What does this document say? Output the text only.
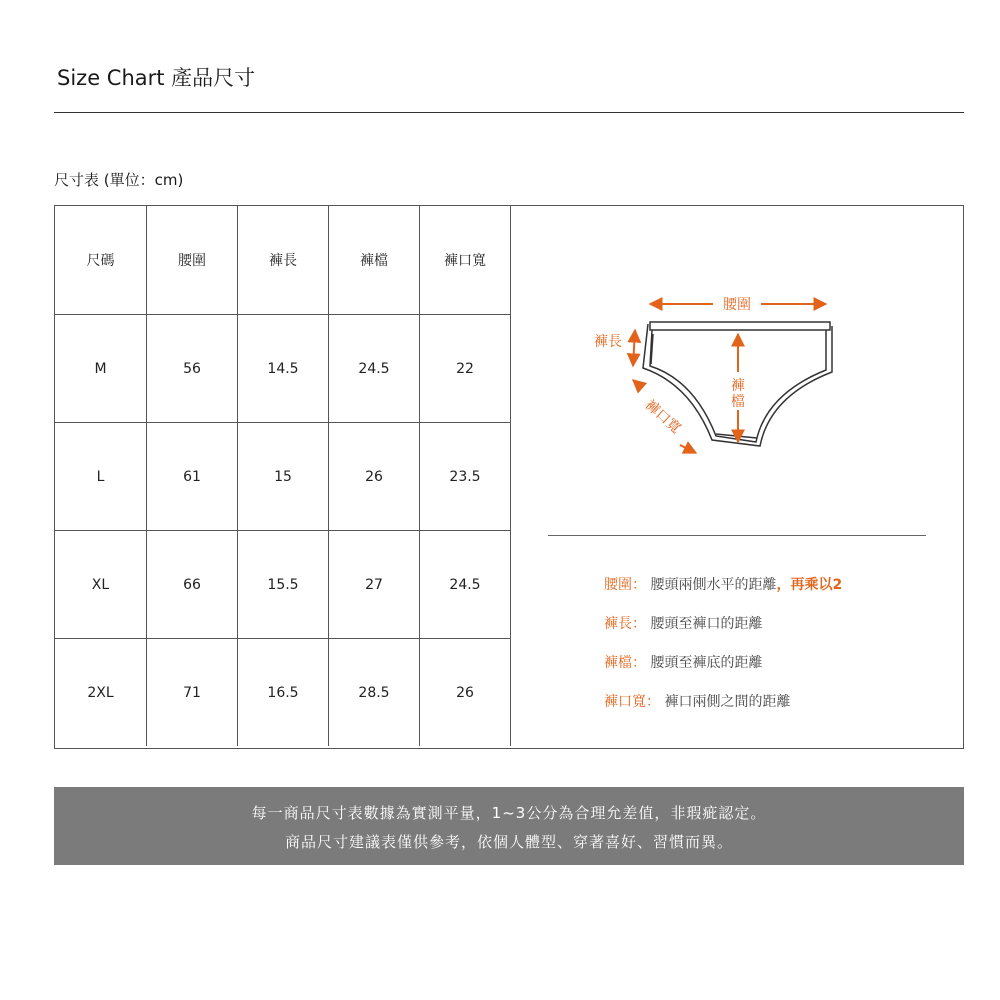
Size Chart 產品尺寸
尺寸表 (單位：cm)
尺碼	腰圍	褲長	褲檔	褲口寬
M	56	14.5	24.5	22
L	61	15	26	23.5
XL	66	15.5	27	24.5
2XL	71	16.5	28.5	26
腰圍
褲長
褲
檔
褲口寬
腰圍： 腰頭兩側水平的距離，再乘以2
褲長： 腰頭至褲口的距離
褲檔： 腰頭至褲底的距離
褲口寬： 褲口兩側之間的距離
每一商品尺寸表數據為實測平量，1~3公分為合理允差值，非瑕疵認定。
商品尺寸建議表僅供參考，依個人體型、穿著喜好、習慣而異。
